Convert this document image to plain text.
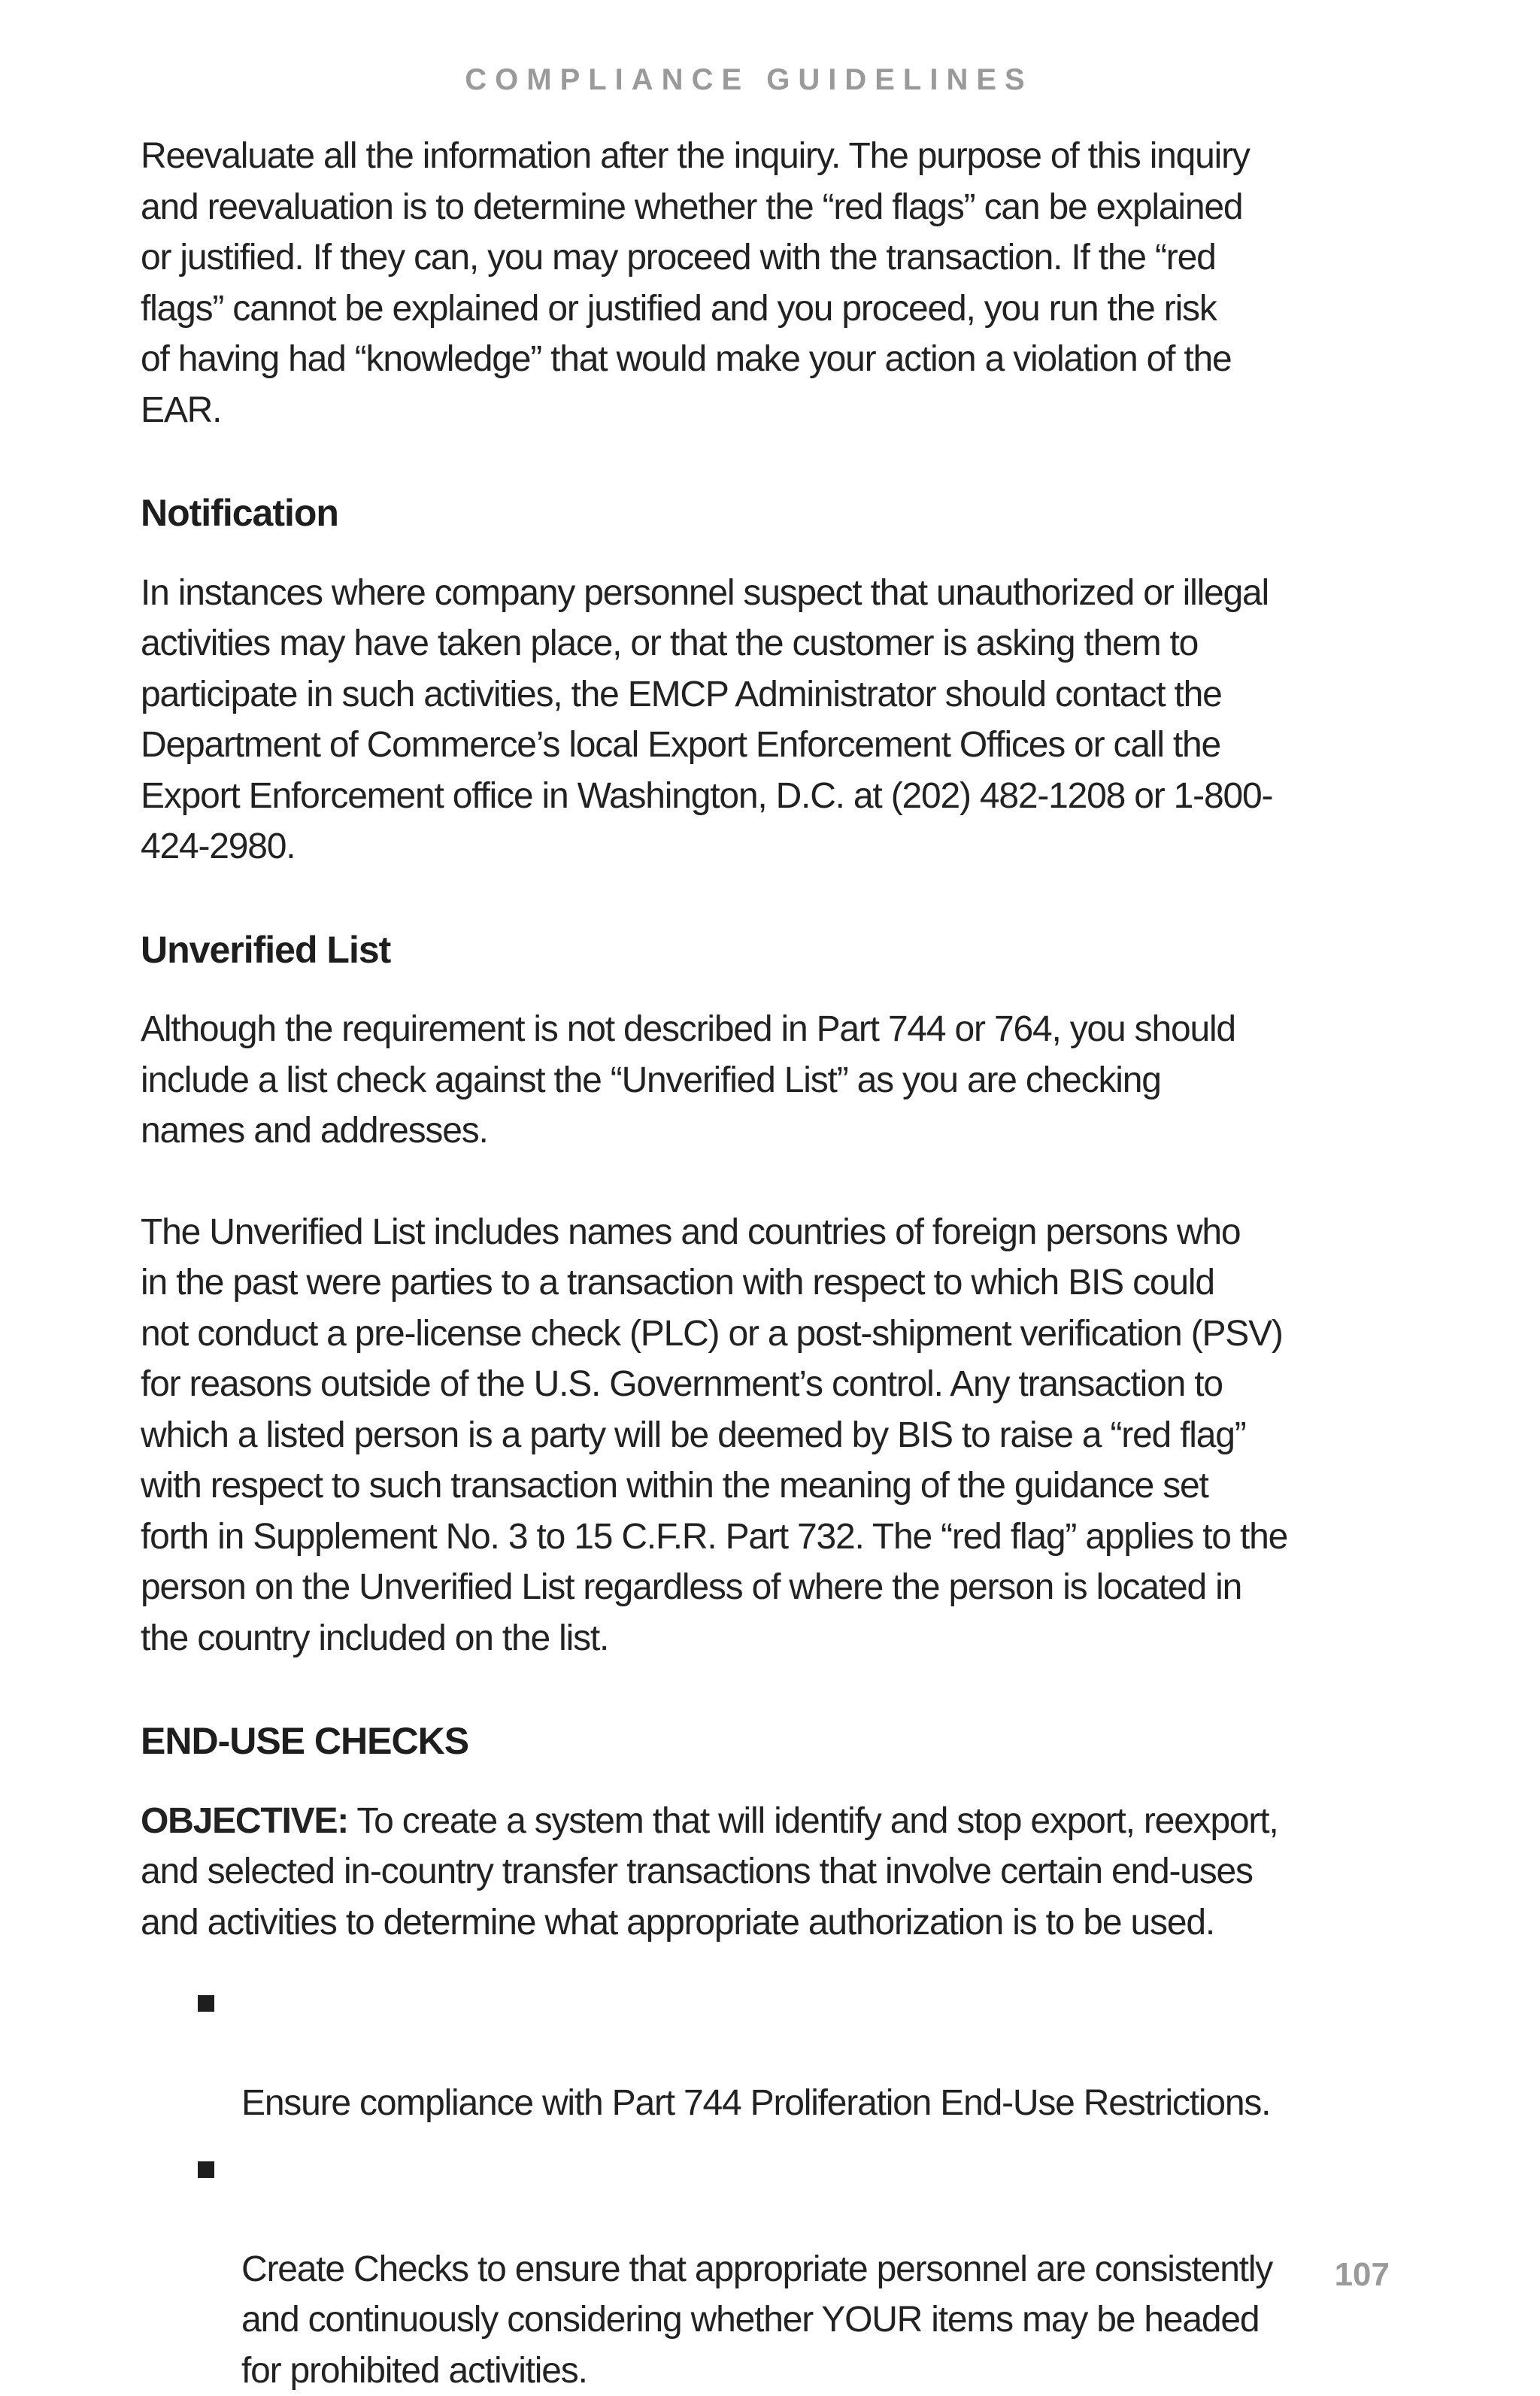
COMPLIANCE GUIDELINES

Reevaluate all the information after the inquiry. The purpose of this inquiry
and reevaluation is to determine whether the “red flags” can be explained
or justified. If they can, you may proceed with the transaction. If the “red
flags” cannot be explained or justified and you proceed, you run the risk
of having had “knowledge” that would make your action a violation of the
EAR.

Notification

In instances where company personnel suspect that unauthorized or illegal
activities may have taken place, or that the customer is asking them to
participate in such activities, the EMCP Administrator should contact the
Department of Commerce’s local Export Enforcement Offices or call the
Export Enforcement office in Washington, D.C. at (202) 482-1208 or 1-800-
424-2980.

Unverified List

Although the requirement is not described in Part 744 or 764, you should
include a list check against the “Unverified List” as you are checking
names and addresses.

The Unverified List includes names and countries of foreign persons who
in the past were parties to a transaction with respect to which BIS could
not conduct a pre-license check (PLC) or a post-shipment verification (PSV)
for reasons outside of the U.S. Government’s control. Any transaction to
which a listed person is a party will be deemed by BIS to raise a “red flag”
with respect to such transaction within the meaning of the guidance set
forth in Supplement No. 3 to 15 C.F.R. Part 732. The “red flag” applies to the
person on the Unverified List regardless of where the person is located in
the country included on the list.

END-USE CHECKS

OBJECTIVE: To create a system that will identify and stop export, reexport,
and selected in-country transfer transactions that involve certain end-uses
and activities to determine what appropriate authorization is to be used.

Ensure compliance with Part 744 Proliferation End-Use Restrictions.

Create Checks to ensure that appropriate personnel are consistently
and continuously considering whether YOUR items may be headed
for prohibited activities.

107
